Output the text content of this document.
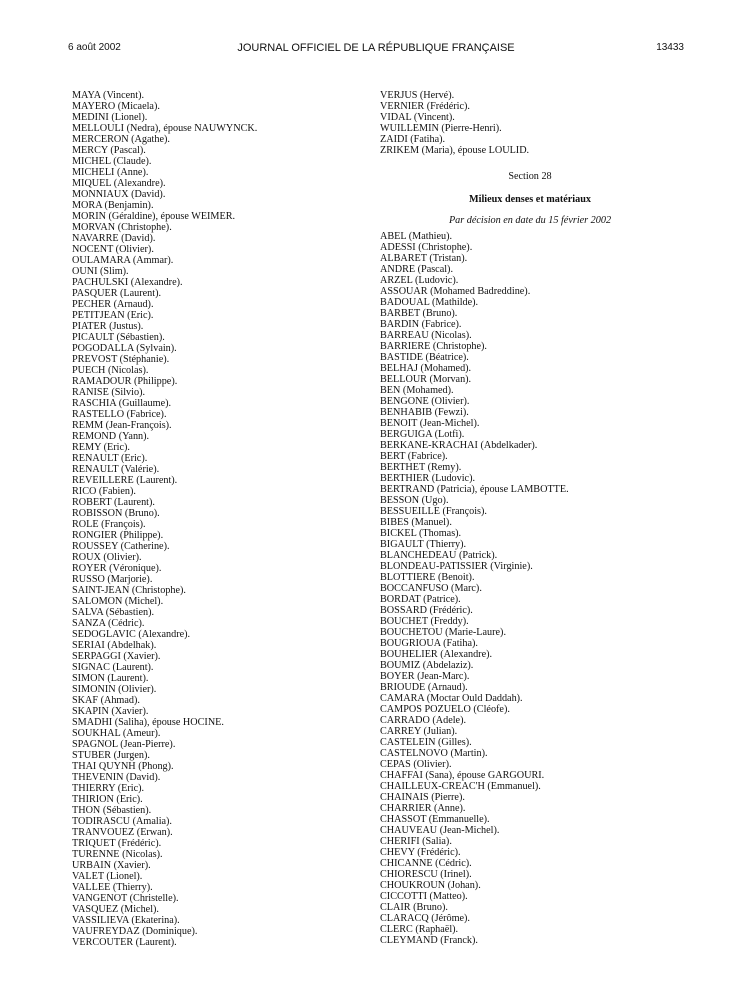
6 août 2002	JOURNAL OFFICIEL DE LA RÉPUBLIQUE FRANÇAISE	13433
MAYA (Vincent).
MAYERO (Micaela).
MEDINI (Lionel).
MELLOULI (Nedra), épouse NAUWYNCK.
MERCERON (Agathe).
MERCY (Pascal).
MICHEL (Claude).
MICHELI (Anne).
MIQUEL (Alexandre).
MONNIAUX (David).
MORA (Benjamin).
MORIN (Géraldine), épouse WEIMER.
MORVAN (Christophe).
NAVARRE (David).
NOCENT (Olivier).
OULAMARA (Ammar).
OUNI (Slim).
PACHULSKI (Alexandre).
PASQUER (Laurent).
PECHER (Arnaud).
PETITJEAN (Eric).
PIATER (Justus).
PICAULT (Sébastien).
POGODALLA (Sylvain).
PREVOST (Stéphanie).
PUECH (Nicolas).
RAMADOUR (Philippe).
RANISE (Silvio).
RASCHIA (Guillaume).
RASTELLO (Fabrice).
REMM (Jean-François).
REMOND (Yann).
REMY (Eric).
RENAULT (Eric).
RENAULT (Valérie).
REVEILLERE (Laurent).
RICO (Fabien).
ROBERT (Laurent).
ROBISSON (Bruno).
ROLE (François).
RONGIER (Philippe).
ROUSSEY (Catherine).
ROUX (Olivier).
ROYER (Véronique).
RUSSO (Marjorie).
SAINT-JEAN (Christophe).
SALOMON (Michel).
SALVA (Sébastien).
SANZA (Cédric).
SEDOGLAVIC (Alexandre).
SERIAI (Abdelhak).
SERPAGGI (Xavier).
SIGNAC (Laurent).
SIMON (Laurent).
SIMONIN (Olivier).
SKAF (Ahmad).
SKAPIN (Xavier).
SMADHI (Saliha), épouse HOCINE.
SOUKHAL (Ameur).
SPAGNOL (Jean-Pierre).
STUBER (Jurgen).
THAI QUYNH (Phong).
THEVENIN (David).
THIERRY (Eric).
THIRION (Eric).
THON (Sébastien).
TODIRASCU (Amalia).
TRANVOUEZ (Erwan).
TRIQUET (Frédéric).
TURENNE (Nicolas).
URBAIN (Xavier).
VALET (Lionel).
VALLEE (Thierry).
VANGENOT (Christelle).
VASQUEZ (Michel).
VASSILIEVA (Ekaterina).
VAUFREYDAZ (Dominique).
VERCOUTER (Laurent).
VERJUS (Hervé).
VERNIER (Frédéric).
VIDAL (Vincent).
WUILLEMIN (Pierre-Henri).
ZAIDI (Fatiha).
ZRIKEM (Maria), épouse LOULID.
Section 28
Milieux denses et matériaux
Par décision en date du 15 février 2002
ABEL (Mathieu).
ADESSI (Christophe).
ALBARET (Tristan).
ANDRE (Pascal).
ARZEL (Ludovic).
ASSOUAR (Mohamed Badreddine).
BADOUAL (Mathilde).
BARBET (Bruno).
BARDIN (Fabrice).
BARREAU (Nicolas).
BARRIERE (Christophe).
BASTIDE (Béatrice).
BELHAJ (Mohamed).
BELLOUR (Morvan).
BEN (Mohamed).
BENGONE (Olivier).
BENHABIB (Fewzi).
BENOIT (Jean-Michel).
BERGUIGA (Lotfi).
BERKANE-KRACHAI (Abdelkader).
BERT (Fabrice).
BERTHET (Remy).
BERTHIER (Ludovic).
BERTRAND (Patricia), épouse LAMBOTTE.
BESSON (Ugo).
BESSUEILLE (François).
BIBES (Manuel).
BICKEL (Thomas).
BIGAULT (Thierry).
BLANCHEDEAU (Patrick).
BLONDEAU-PATISSIER (Virginie).
BLOTTIERE (Benoit).
BOCCANFUSO (Marc).
BORDAT (Patrice).
BOSSARD (Frédéric).
BOUCHET (Freddy).
BOUCHETOU (Marie-Laure).
BOUGRIOUA (Fatiha).
BOUHELIER (Alexandre).
BOUMIZ (Abdelaziz).
BOYER (Jean-Marc).
BRIOUDE (Arnaud).
CAMARA (Moctar Ould Daddah).
CAMPOS POZUELO (Cléofe).
CARRADO (Adele).
CARREY (Julian).
CASTELEIN (Gilles).
CASTELNOVO (Martin).
CEPAS (Olivier).
CHAFFAI (Sana), épouse GARGOURI.
CHAILLEUX-CREAC'H (Emmanuel).
CHAINAIS (Pierre).
CHARRIER (Anne).
CHASSOT (Emmanuelle).
CHAUVEAU (Jean-Michel).
CHERIFI (Salia).
CHEVY (Frédéric).
CHICANNE (Cédric).
CHIORESCU (Irinel).
CHOUKROUN (Johan).
CICCOTTI (Matteo).
CLAIR (Bruno).
CLARACQ (Jérôme).
CLERC (Raphaël).
CLEYMAND (Franck).
